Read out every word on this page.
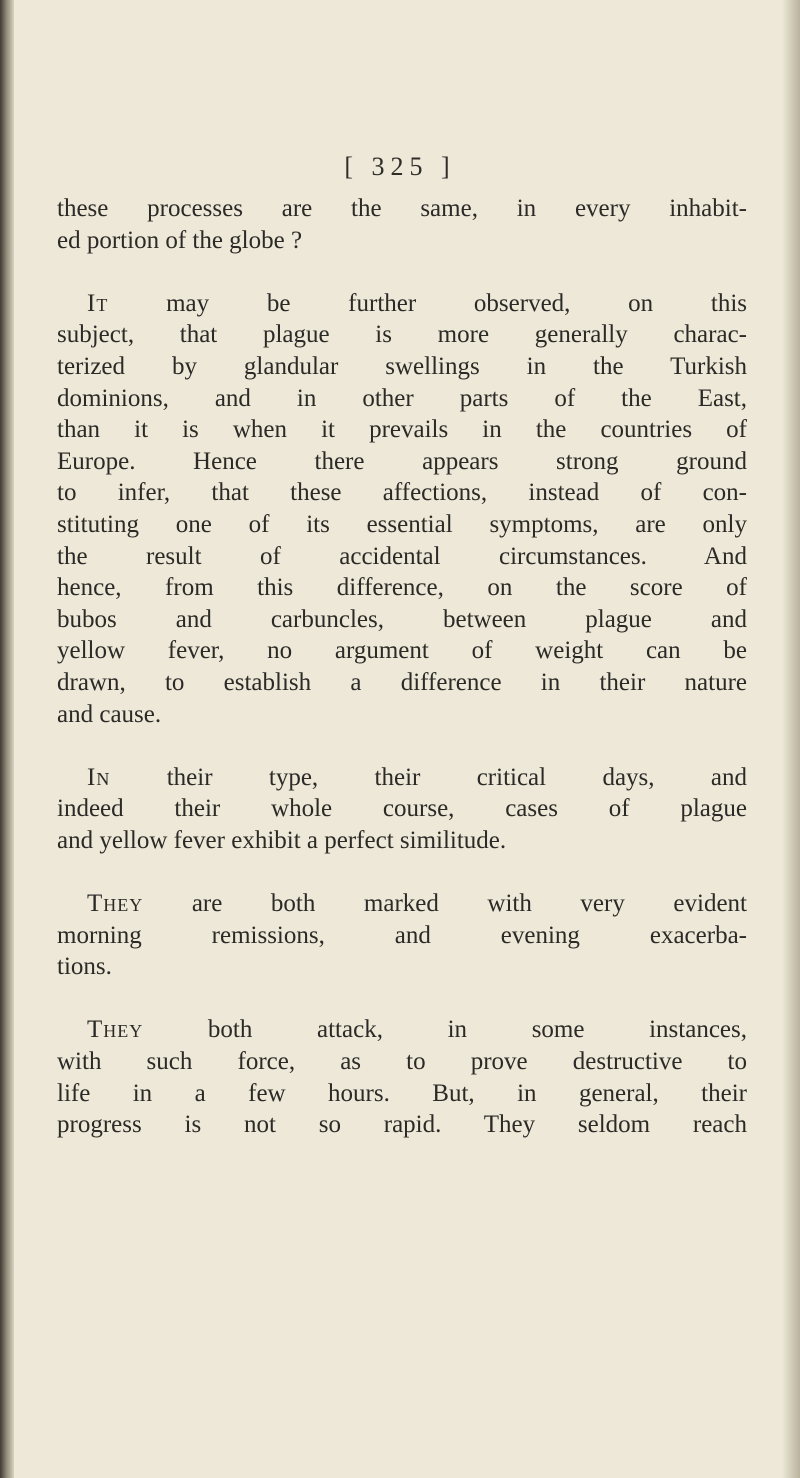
[ 325 ]
these processes are the same, in every inhabit-
ed portion of the globe ?
It may be further observed, on this
subject, that plague is more generally charac-
terized by glandular swellings in the Turkish
dominions, and in other parts of the East,
than it is when it prevails in the countries of
Europe. Hence there appears strong ground
to infer, that these affections, instead of con-
stituting one of its essential symptoms, are only
the result of accidental circumstances. And
hence, from this difference, on the score of
bubos and carbuncles, between plague and
yellow fever, no argument of weight can be
drawn, to establish a difference in their nature
and cause.
In their type, their critical days, and
indeed their whole course, cases of plague
and yellow fever exhibit a perfect similitude.
They are both marked with very evident
morning remissions, and evening exacerba-
tions.
They	both attack, in some instances,
with such force, as to prove destructive to
life in a few hours. But, in general, their
progress is not so rapid. They seldom reach
